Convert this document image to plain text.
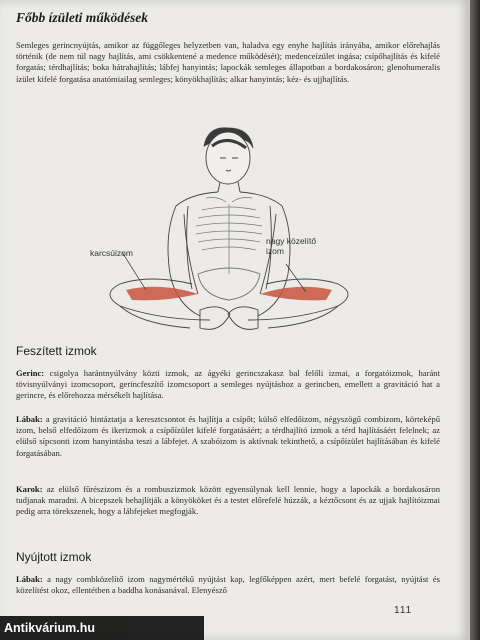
Főbb ízületi működések

Semleges gerincnyújtás, amikor az függőleges helyzetben van, haladva egy enyhe hajlítás irányába, amikor előrehajlás történik (de nem túl nagy hajlítás, ami csökkentené a medence működését); medenceízület ingása; csípőhajlítás és kifelé forgatás; térdhajlítás; boka hátrahajlítás; lábfej hanyintás; lapockák semleges állapotban a bordakosáron; glenohumeralis ízület kifelé forgatása anatómiailag semleges; könyökhajlítás; alkar hanyintás; kéz- és ujjhajlítás.

karcsúizom
nagy közelítő
izom
Feszített izmok

Gerinc: csigolya harántnyúlvány közti izmok, az ágyéki gerincszakasz bal felőli izmai, a forgatóizmok, haránt tövisnyúlványi izomcsoport, gerincfeszítő izomcsoport a semleges nyújtáshoz a gerincben, emellett a gravitáció hat a gerincre, és előrehozza mérsékelt hajlítása.

Lábak: a gravitáció hintáztatja a keresztcsontot és hajlítja a csípőt; külső elfedőizom, négyszögű combizom, körteképű izom, belső elfedőizom és ikerizmok a csípőízület kifelé forgatásáért; a térdhajlító izmok a térd hajlításáért felelnek; az elülső sípcsonti izom hanyintásba teszi a lábfejet. A szabóizom is aktívnak tekinthető, a csípőízület hajlításában és kifelé forgatásában.

Karok: az elülső fűrészizom és a rombuszizmok között egyensúlynak kell lennie, hogy a lapockák a bordakosáron tudjanak maradni. A bicepszek behajlítják a könyököket és a testet előrefelé húzzák, a kéztőcsont és az ujjak hajlítóizmai pedig arra törekszenek, hogy a lábfejeket megfogják.

Nyújtott izmok

Lábak: a nagy combközelítő izom nagymértékű nyújtást kap, legfőképpen azért, mert befelé forgatást, nyújtást és közelítést okoz, ellentétben a baddha konásanával. Elenyésző

111
Antikvárium.hu
